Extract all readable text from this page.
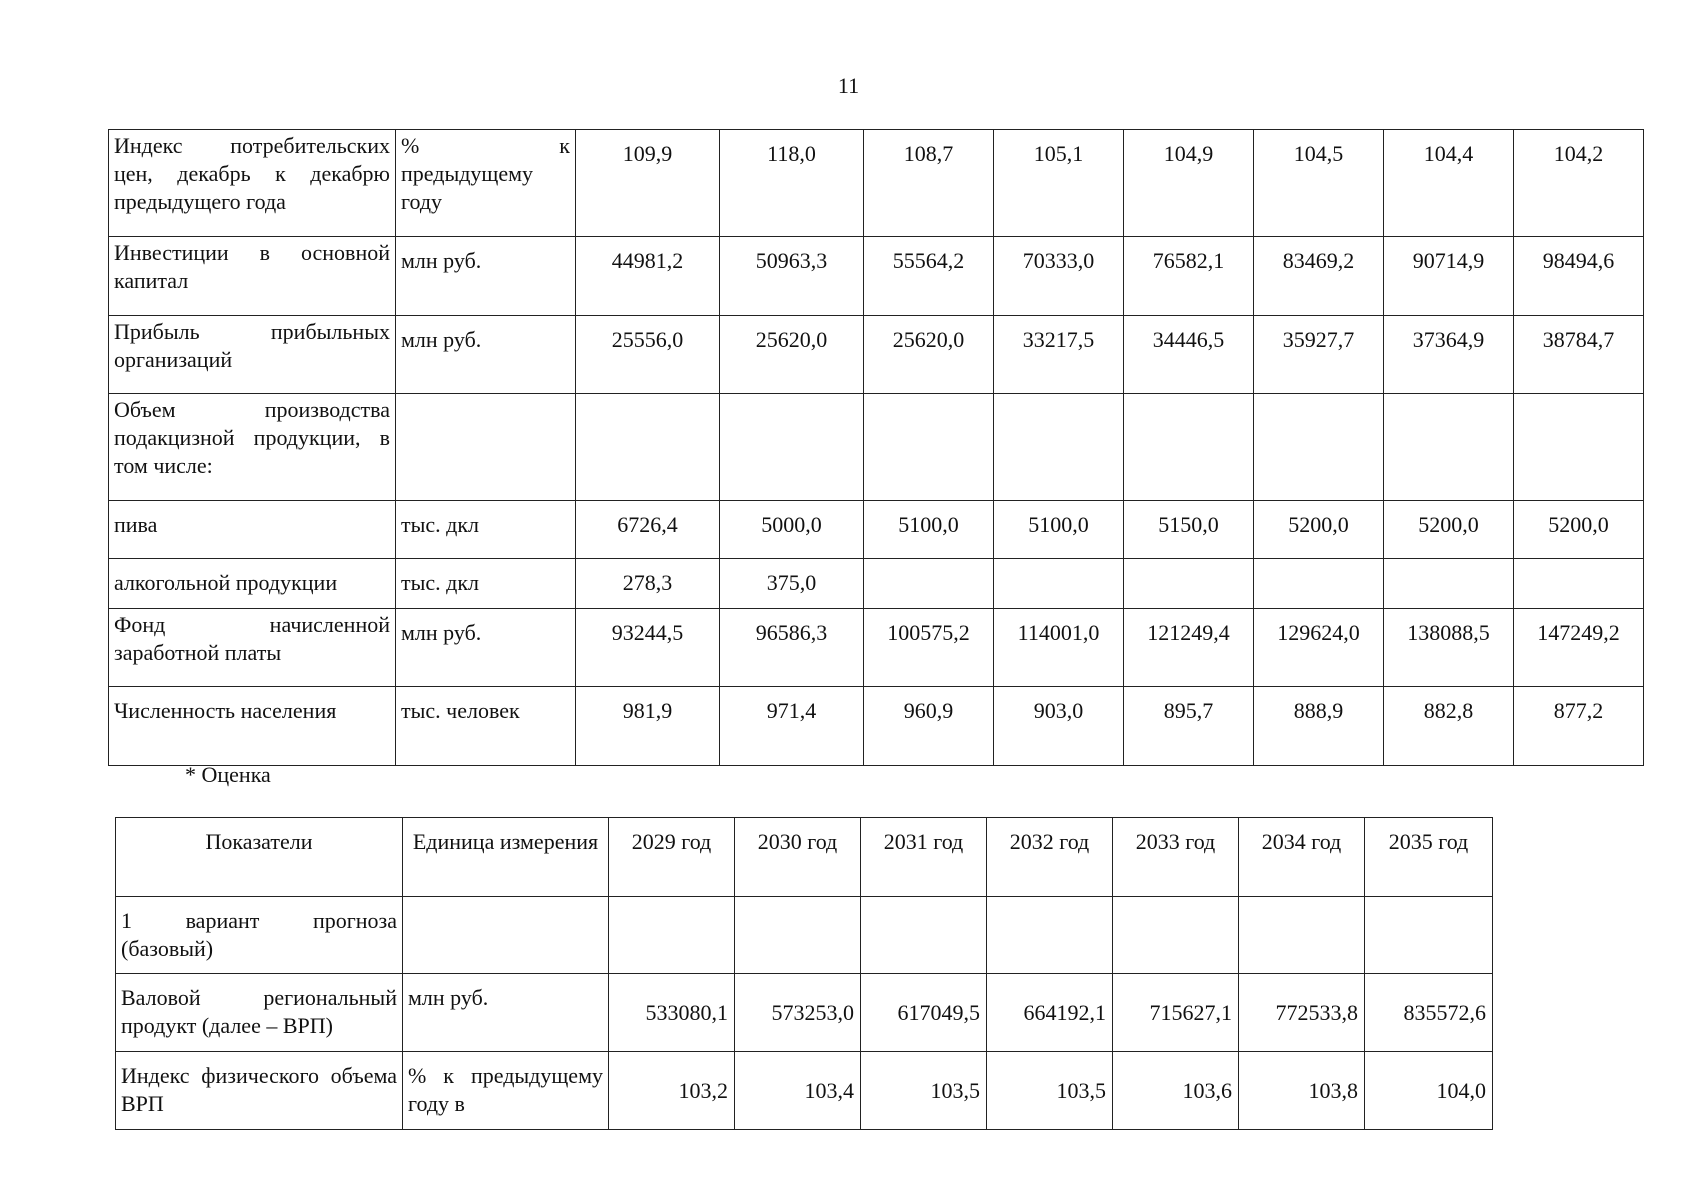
11
Индекс потребительских цен, декабрь к декабрю предыдущего года	% к предыдущему году	109,9	118,0	108,7	105,1	104,9	104,5	104,4	104,2
Инвестиции в основной капитал	млн руб.	44981,2	50963,3	55564,2	70333,0	76582,1	83469,2	90714,9	98494,6
Прибыль прибыльных организаций	млн руб.	25556,0	25620,0	25620,0	33217,5	34446,5	35927,7	37364,9	38784,7
Объем производства подакцизной продукции, в том числе:									
пива	тыс. дкл	6726,4	5000,0	5100,0	5100,0	5150,0	5200,0	5200,0	5200,0
алкогольной продукции	тыс. дкл	278,3	375,0						
Фонд начисленной заработной платы	млн руб.	93244,5	96586,3	100575,2	114001,0	121249,4	129624,0	138088,5	147249,2
Численность населения	тыс. человек	981,9	971,4	960,9	903,0	895,7	888,9	882,8	877,2
* Оценка
Показатели	Единица измерения	2029 год	2030 год	2031 год	2032 год	2033 год	2034 год	2035 год
1 вариант прогноза (базовый)								
Валовой региональный продукт (далее – ВРП)	млн руб.	533080,1	573253,0	617049,5	664192,1	715627,1	772533,8	835572,6
Индекс физического объема ВРП	% к предыдущему году в	103,2	103,4	103,5	103,5	103,6	103,8	104,0
